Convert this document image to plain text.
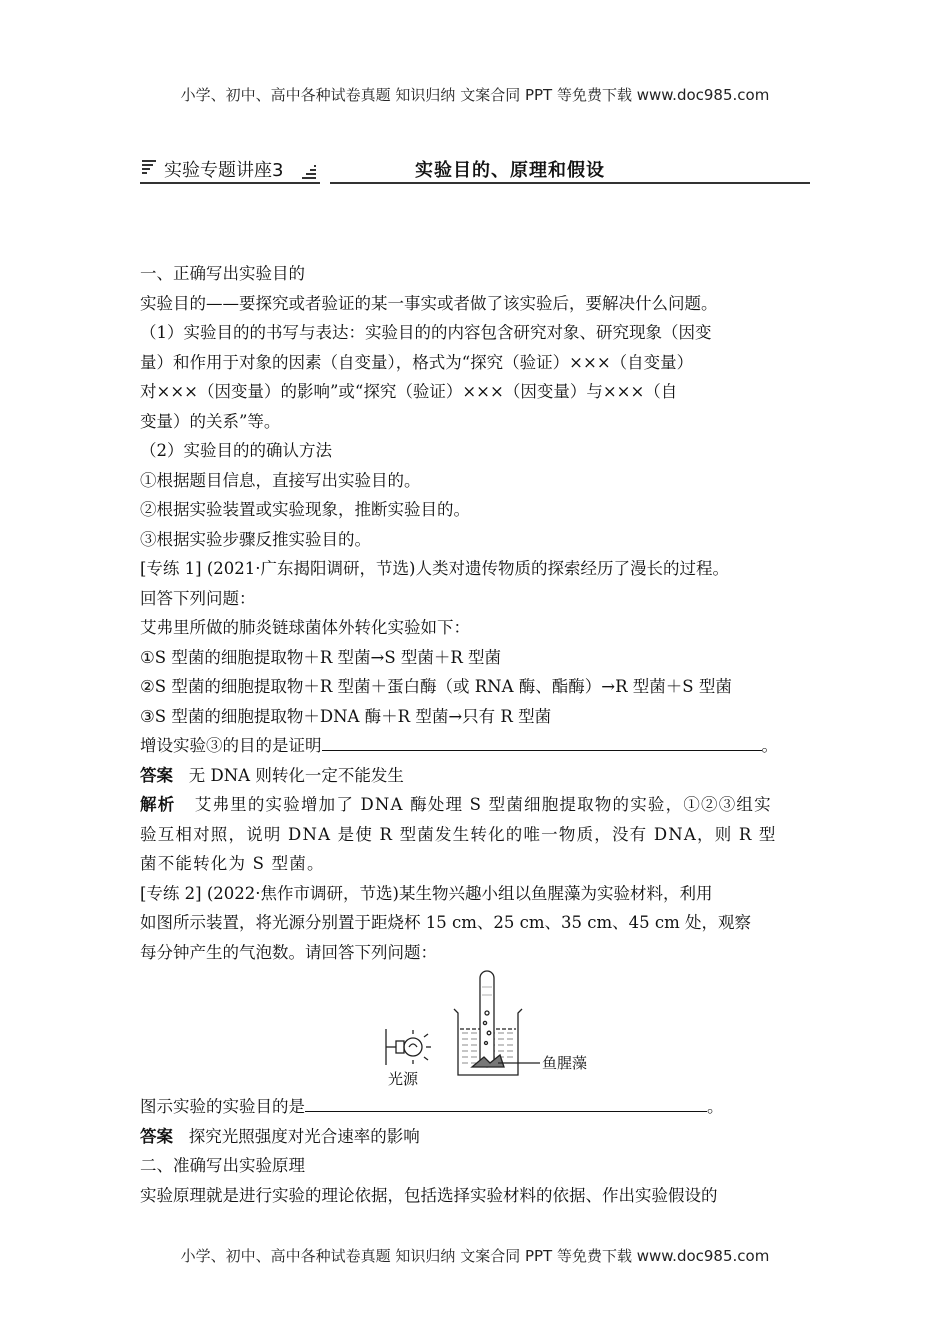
小学、初中、高中各种试卷真题 知识归纳 文案合同 PPT 等免费下载 www.doc985.com
实验专题讲座3	实验目的、原理和假设

一、正确写出实验目的

实验目的——要探究或者验证的某一事实或者做了该实验后，要解决什么问题。

（1）实验目的的书写与表达：实验目的的内容包含研究对象、研究现象（因变

量）和作用于对象的因素（自变量），格式为“探究（验证）×××（自变量）

对×××（因变量）的影响”或“探究（验证）×××（因变量）与×××（自

变量）的关系”等。

（2）实验目的的确认方法

①根据题目信息，直接写出实验目的。

②根据实验装置或实验现象，推断实验目的。

③根据实验步骤反推实验目的。

[专练 1] (2021·广东揭阳调研，节选)人类对遗传物质的探索经历了漫长的过程。

回答下列问题：

艾弗里所做的肺炎链球菌体外转化实验如下：

①S 型菌的细胞提取物＋R 型菌→S 型菌＋R 型菌

②S 型菌的细胞提取物＋R 型菌＋蛋白酶（或 RNA 酶、酯酶）→R 型菌＋S 型菌

③S 型菌的细胞提取物＋DNA 酶＋R 型菌→只有 R 型菌

增设实验③的目的是证明	。

答案 无 DNA 则转化一定不能发生

解析 艾弗里的实验增加了 DNA 酶处理 S 型菌细胞提取物的实验，①②③组实

验互相对照，说明 DNA 是使 R 型菌发生转化的唯一物质，没有 DNA，则 R 型

菌不能转化为 S 型菌。

[专练 2] (2022·焦作市调研，节选)某生物兴趣小组以鱼腥藻为实验材料，利用

如图所示装置，将光源分别置于距烧杯 15 cm、25 cm、35 cm、45 cm 处，观察

每分钟产生的气泡数。请回答下列问题：

光源
鱼腥藻

图示实验的实验目的是	。

答案 探究光照强度对光合速率的影响

二、准确写出实验原理

实验原理就是进行实验的理论依据，包括选择实验材料的依据、作出实验假设的

小学、初中、高中各种试卷真题 知识归纳 文案合同 PPT 等免费下载 www.doc985.com
